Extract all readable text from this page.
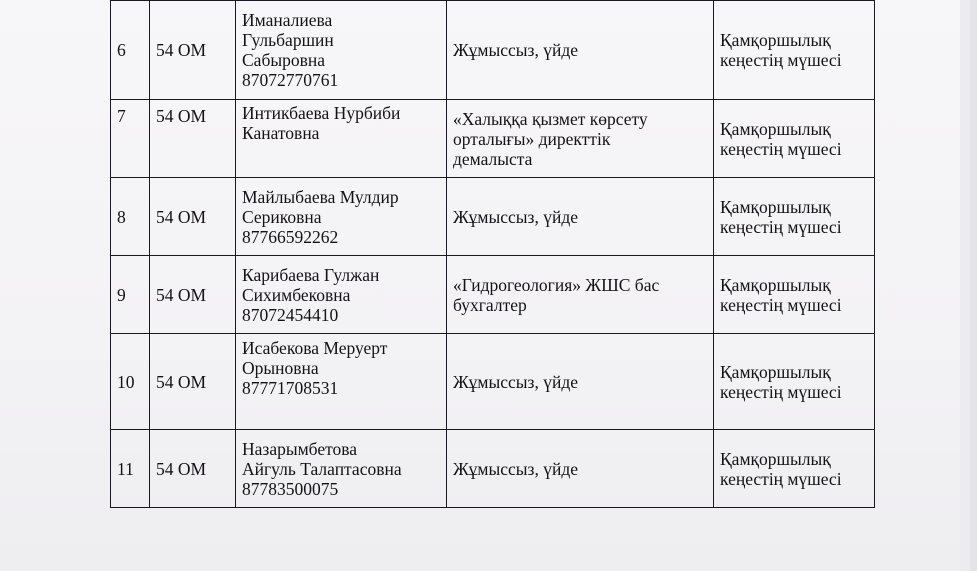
6	54 ОМ	Иманалиева
Гульбаршин
Сабыровна
87072770761	Жұмыссыз, үйде	Қамқоршылық
кеңестің мүшесі

7	54 ОМ	Интикбаева Нурбиби
Канатовна	«Халыққа қызмет көрсету
орталығы» директтік
демалыста	Қамқоршылық
кеңестің мүшесі

8	54 ОМ	Майлыбаева Мулдир
Сериковна
87766592262	Жұмыссыз, үйде	Қамқоршылық
кеңестің мүшесі

9	54 ОМ	Карибаева Гулжан
Сихимбековна
87072454410	«Гидрогеология» ЖШС бас
бухгалтер	Қамқоршылық
кеңестің мүшесі

10	54 ОМ	Исабекова Меруерт
Орыновна
87771708531	Жұмыссыз, үйде	Қамқоршылық
кеңестің мүшесі

11	54 ОМ	Назарымбетова
Айгуль Талаптасовна
87783500075	Жұмыссыз, үйде	Қамқоршылық
кеңестің мүшесі
